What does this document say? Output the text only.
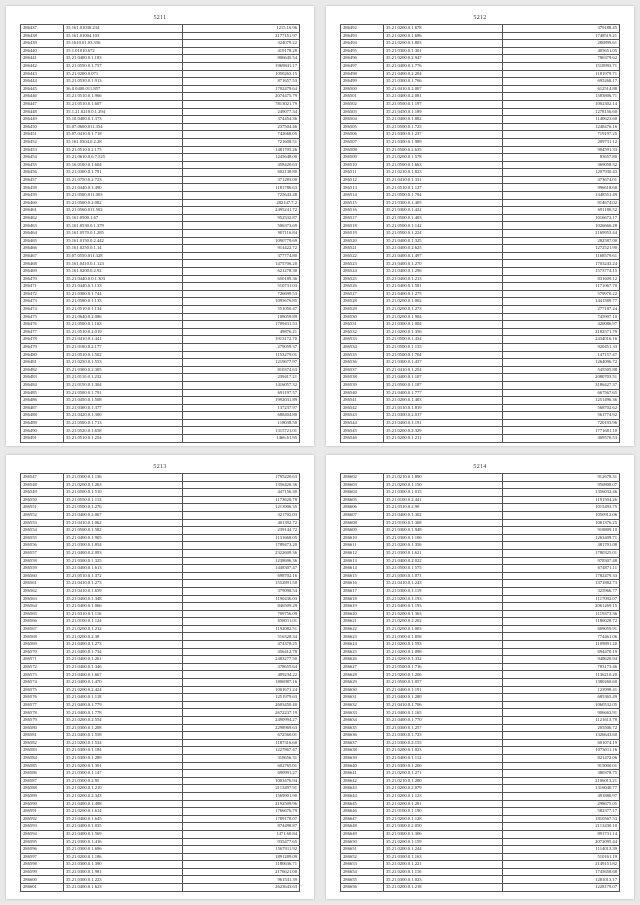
5211
286437	35.161.01030.234	1215.16.96
286438	35.161.01004.103	2177151.97
286439	35.1610.01.03.356	324079.22
286440	35.1.01010.672	419178.28
286441	35.21.0400.0.1.183	806645.54
286442	35.21.0550.0.1.757	1969841.17
286443	35.21.0200.0.071	1050263.15
286444	35.21.0530.0.1.913	871657.53
286445	36.0.0400.011.857	1702479.64
286446	35.21.0510.0.1.966	2074475.79
286447	35.21.0510.0.1.607	7813021.79
286448	35.1.21.0210.0.1.294	249077.34
286449	35.10.0400.0.1.373	374454.36
286450	35.07.0600.011.354	237504.46
286451	35.07.0410.0.1.718	742668.05
286452	35.161.0304.0.2.28	721608.51
286453	35.21.0510.0.2.175	1481705.26
286454	35.21.0610.0.6.7.525	1245648.00
286455	35.16.0100.0.1.604	458420.63
286456	35.21.0300.0.1.791	602138.80
286457	35.21.0750.0.2.723	371283.00
286458	35.21.0440.0.1.490	1181786.63
286459	35.21.0500.011.003	725643.48
286460	35.21.0500.0.2.082	282147.7.2
286461	35.21.0560.011.502	2495241.72
286462	35.161.0500.1.67	952532.87
286463	35.161.0530.0.1.379	506373.69
286464	35.161.0570.0.1.285	907116.84
286465	35.161.0150.0.2.442	1090779.69
286466	35.161.0250.0.1.14	914422.72
286467	35.07.0550.011.328	377774.80
286468	35.161.0410.0.1.123	1475706.20
286469	35.161.0200.0.2.92	621278.30
286470	35.21.0440.0.0.1.303	650189.36
286471	35.21.0440.0.1.133	510731.03
286472	35.21.0300.0.1.744	726699.53
286473	35.21.0580.0.1.133	1095676.85
286474	35.21.0510.0.1.134	551050.47
286475	35.21.0640.0.2.086	108059.89
286476	35.21.0500.0.1.163	1709431.53
286477	35.21.0510.0.2.019	49876.21
286478	35.21.0410.0.1.441	1913172.70
286479	35.21.0100.0.2.177	279059.37
286480	35.21.0510.0.1.502	1153279.01
286481	35.21.0250.0.1.553	1219677.97
286482	35.21.0300.0.2.305	810374.63
286483	35.21.0110.0.1.232	239417.21
286484	35.21.0150.0.1.304	1416057.32
286485	35.21.0500.0.1.791	691197.57
286486	35.21.0450.0.1.508	1992031.89
286487	35.21.0300.0.1.377	137237.97
286488	35.21.0420.0.1.300	688404.80
286489	35.21.0500.0.1.713	118038.50
286490	35.21.0520.0.1.658	1315721.01
286491	35.21.0510.0.1.254	1466.61.95
5212
286492	35.21.0200.0.1.678	379188.45
286493	35.21.0200.0.1.696	1748519.21
286494	35.21.0200.0.1.803	280899.61
286495	35.21.0300.0.1.301	405651.05
286496	35.21.0200.0.2.947	786379.62
286497	35.21.0400.0.1.776	1518993.71
286498	35.21.0400.0.2.204	1181979.71
286499	35.21.0300.0.1.766	695268.17
286500	35.21.0410.0.2.007	612514.88
286501	35.21.0400.0.2.081	1583806.71
286502	35.21.0500.0.1.197	1002302.14
286503	35.21.0450.0.1.189	1278156.60
286504	35.21.0400.0.1.882	1140623.60
286505	35.21.0500.0.1.725	1248476.16
286506	35.21.0300.0.1.237	719197.25
286507	35.21.0300.0.1.989	209731.12
286508	35.21.0500.0.2.635	904591.33
286509	35.21.0200.0.1.578	83657.80
286510	35.21.0500.0.1.663	369058.32
286511	35.21.0210.0.1.823	1207930.43
286512	35.21.0410.0.1.331	473674.01
286513	35.21.0510.0.1.127	996618.68
286514	35.21.0500.0.1.794	1348551.49
286515	35.21.0300.0.1.405	814674.02
286516	35.21.0300.0.1.422	691180.52
286517	35.21.0500.0.1.403	1016672.17
286518	35.21.0500.0.1.142	1026666.28
286519	35.21.0500.0.1.224	2169953.44
286520	35.21.0400.0.1.325	282587.00
286521	35.21.0400.0.2.625	1272521.90
286522	35.21.0400.0.1.497	1168579.61
286523	35.21.0400.0.1.270	1703243.24
286524	35.21.0400.0.1.296	1573774.15
286525	35.21.0400.0.1.213	831609.12
286526	35.21.0400.0.1.581	1171067.70
286527	35.21.0400.0.1.275	579970.22
286528	35.21.0200.0.1.002	1441589.77
286529	35.21.0200.0.1.273	277187.24
286530	35.21.0200.0.1.904	745907.10
286531	35.21.0300.0.1.004	426086.97
286532	35.21.0200.0.1.356	2182571.79
286533	35.21.0500.0.1.434	2434016.16
286534	35.21.0500.0.1.155	920451.33
286535	35.21.0500.0.1.704	147157.47
286536	35.21.0300.0.1.437	1264096.72
286537	35.21.0410.0.1.254	545505.88
286538	35.21.0400.0.1.107	2080703.51
286539	35.21.0500.0.1.187	3186427.37
286540	35.21.0400.0.1.777	667567.65
286541	35.21.0200.0.1.403	1251496.36
286542	35.21.0310.0.1.819	568702.62
286543	35.21.0300.0.2.017	561774.92
286544	35.21.0400.0.1.191	720193.96
286545	35.21.0200.0.2.329	1771681.10
286546	35.21.0200.0.1.211	409576.53
5213
286547	35.21.0300.0.1.136	1795220.63
286548	35.21.0200.0.1.263	1356426.36
286549	35.21.0500.0.1.510	447156.30
286550	35.21.0550.0.1.113	1173620.78
286551	35.21.0500.0.1.276	1213906.35
286552	35.21.0400.0.2.067	321702.03
286553	35.21.0410.0.1.062	401392.72
286554	35.21.0500.0.1.582	239144.72
286555	35.21.0400.0.1.905	1131668.05
286556	35.21.0300.0.1.854	1789473.20
286557	35.21.0400.0.2.093	2322609.36
286558	35.21.0300.0.1.325	1238696.36
286559	35.21.0400.0.1.613	1448307.47
286560	35.21.0510.0.1.372	698702.16
286561	35.21.0410.0.1.273	1552891.50
286562	35.21.0410.0.1.659	379098.54
286563	35.21.0400.0.1.348	1190436.03
286564	35.21.0400.0.1.066	846509.29
286565	35.21.0310.0.1.116	709756.09
286566	35.21.0100.0.1.124	658011.01
286567	35.21.0200.0.1.212	1192082.51
286568	35.21.0200.0.2.38	516328.34
286569	35.21.0400.0.1.273	474378.25
286570	35.21.0400.0.1.734	456412.78
286571	35.21.0400.0.1.261	2483277.50
286572	35.21.0400.0.1.346	378655.64
286573	35.21.0400.0.1.667	409234.22
286574	35.21.0400.0.1.470	1806987.16
286575	35.21.0200.0.2.424	1001671.24
286576	35.21.0400.0.1.118	1251979.63
286577	35.21.0400.0.1.779	2603450.40
286578	35.21.0400.0.1.778	2672237.19
286579	35.21.0200.0.2.554	2490994.27
286580	35.21.0300.0.1.208	2298969.63
286581	35.21.0400.0.1.558	672560.01
286582	35.21.0200.0.1.534	1187316.60
286583	35.21.0300.0.1.184	1227867.47
286584	35.21.0300.0.1.289	318656.31
286585	35.21.0200.0.1.391	602765.01
286586	35.21.0300.0.1.147	690991.27
286587	35.21.0300.0.2.95	1003476.94
286588	35.21.0200.0.1.210	2113497.91
286589	35.21.0200.0.2.343	1569901.90
286590	35.21.0400.0.1.498	2192509.96
286591	35.21.0200.0.1.614	1766676.79
286592	35.21.0400.0.1.645	1789178.07
286593	35.21.0400.0.1.035	874498.87
286594	35.21.0400.0.1.569	1471.60.84
286595	35.21.0300.0.1.416	935477.65
286596	35.21.0300.0.1.696	1567911.92
286597	35.21.0200.0.1.186	1891289.09
286598	35.21.0300.0.1.390	1180636.71
286599	35.21.0300.0.1.981	2176621.00
286600	35.21.0300.0.1.223	961541.39
286601	35.21.0400.0.1.623	2623643.63
5214
286602	35.21.0210.0.1.890	912678.31
286603	35.21.0200.0.1.150	950808.07
286604	35.21.0300.0.1.015	1356032.46
286605	35.21.0100.0.2.441	1191504.26
286606	35.21.0310.0.2.90	1015493.75
286607	35.21.0400.0.1.302	1050912.06
286608	35.21.0100.0.1.368	1081376.25
286609	35.21.0300.0.1.948	918809.10
286610	35.21.0300.0.1.106	1263409.71
286611	35.21.0200.0.1.356	381701.08
286612	35.21.0300.0.1.621	1780325.01
286613	35.21.0400.0.2.022	978307.48
286614	35.21.0500.0.1.575	674871.11
286615	35.21.0300.0.1.071	1782479.33
286616	35.21.0410.0.1.243	1371882.73
286617	35.21.0300.0.1.119	325966.77
286618	35.21.0200.0.1.193	1117092.07
286619	35.21.0400.0.1.193	2061269.15
286620	35.21.0200.0.1.363	1119373.36
286621	35.21.0200.0.2.202	1186028.72
286622	35.21.0200.0.1.003	609059.91
286623	35.21.0300.0.1.858	774461.06
286624	35.21.0200.0.1.593	1109891.20
286625	35.21.0200.0.1.098	694470.19
286626	35.21.0200.0.1.332	948620.94
286627	35.21.0500.0.1.716	783173.46
286628	35.21.0200.0.1.206	1136210.20
286629	35.21.0500.0.1.057	1380260.60
286630	35.21.0400.0.1.191	123998.41
286631	35.21.0400.0.1.280	685365.49
286632	35.21.0410.0.1.706	1060532.05
286633	35.21.0400.0.1.165	906663.91
286634	35.21.0400.0.1.770	1121613.78
286635	35.21.0300.0.1.257	205506.72
286636	35.21.0300.0.1.723	1326643.60
286637	35.21.0300.0.2.155	601074.19
286638	35.21.0200.0.1.023	1073011.16
286639	35.21.0400.0.1.112	821472.06
286640	35.21.0300.0.1.200	915000.01
286641	35.21.0200.0.1.271	380378.75
286642	35.21.0210.0.1.280	2106013.21
286643	35.21.0200.0.2.079	1316040.77
286644	35.21.0200.0.1.123	491880.97
286645	35.21.0200.0.1.281	298675.05
286646	35.21.0100.0.1.190	582377.17
286647	35.21.0200.0.1.128	1810567.53
286648	35.21.0300.0.2.050	2113430.10
286649	35.21.0300.0.1.306	891731.14
286650	35.21.0200.0.1.159	2072095.44
286651	35.21.0200.0.1.244	1114013.39
286652	35.21.0300.0.1.163	510161.19
286653	35.21.0200.0.1.221	2149151.82
286654	35.21.0200.0.1.116	1745658.68
286655	35.21.0300.0.1.023	1281013.17
286656	35.21.0200.0.1.218	1228179.07
